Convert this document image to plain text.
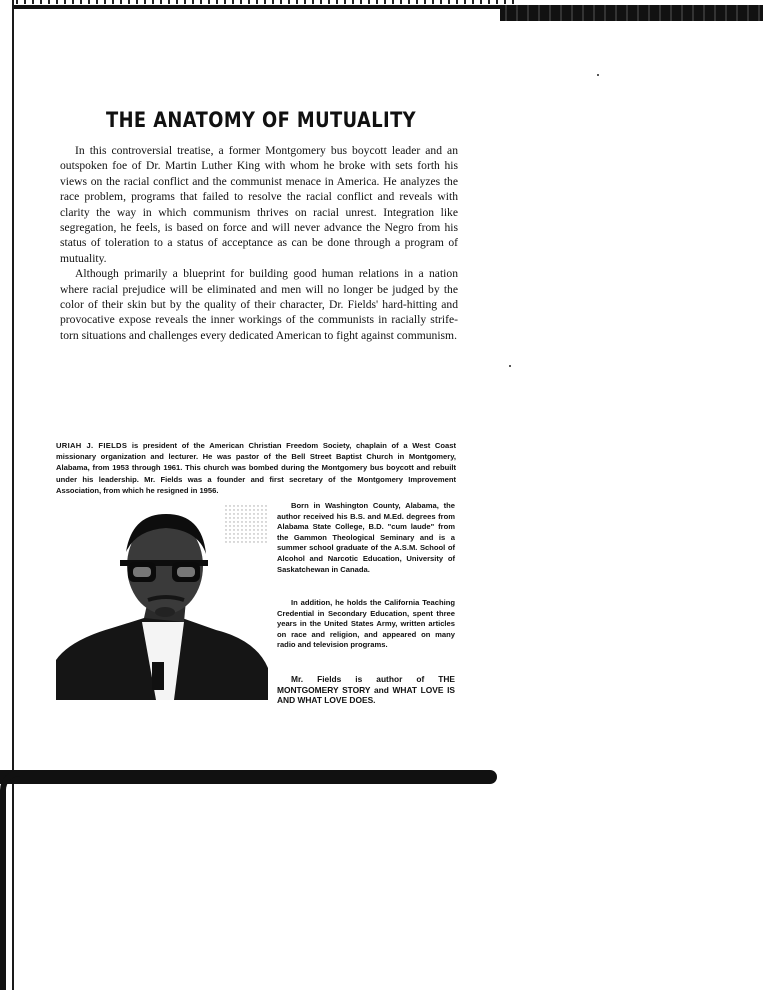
THE ANATOMY OF MUTUALITY

In this controversial treatise, a former Montgomery bus boycott leader and an outspoken foe of Dr. Martin Luther King with whom he broke with sets forth his views on the racial conflict and the communist menace in America. He analyzes the race problem, programs that failed to resolve the racial conflict and reveals with clarity the way in which communism thrives on racial unrest. Integration like segregation, he feels, is based on force and will never advance the Negro from his status of toleration to a status of acceptance as can be done through a program of mutuality.

Although primarily a blueprint for building good human relations in a nation where racial prejudice will be eliminated and men will no longer be judged by the color of their skin but by the quality of their character, Dr. Fields' hard-hitting and provocative expose reveals the inner workings of the communists in racially strife-torn situations and challenges every dedicated American to fight against communism.

URIAH J. FIELDS is president of the American Christian Freedom Society, chaplain of a West Coast missionary organization and lecturer. He was pastor of the Bell Street Baptist Church in Montgomery, Alabama, from 1953 through 1961. This church was bombed during the Montgomery bus boycott and rebuilt under his leadership. Mr. Fields was a founder and first secretary of the Montgomery Improvement Association, from which he resigned in 1956.

Born in Washington County, Alabama, the author received his B.S. and M.Ed. degrees from Alabama State College, B.D. "cum laude" from the Gammon Theological Seminary and is a summer school graduate of the A.S.M. School of Alcohol and Narcotic Education, University of Saskatchewan in Canada.

In addition, he holds the California Teaching Credential in Secondary Education, spent three years in the United States Army, written articles on race and religion, and appeared on many radio and television programs.

Mr. Fields is author of THE MONTGOMERY STORY and WHAT LOVE IS AND WHAT LOVE DOES.
